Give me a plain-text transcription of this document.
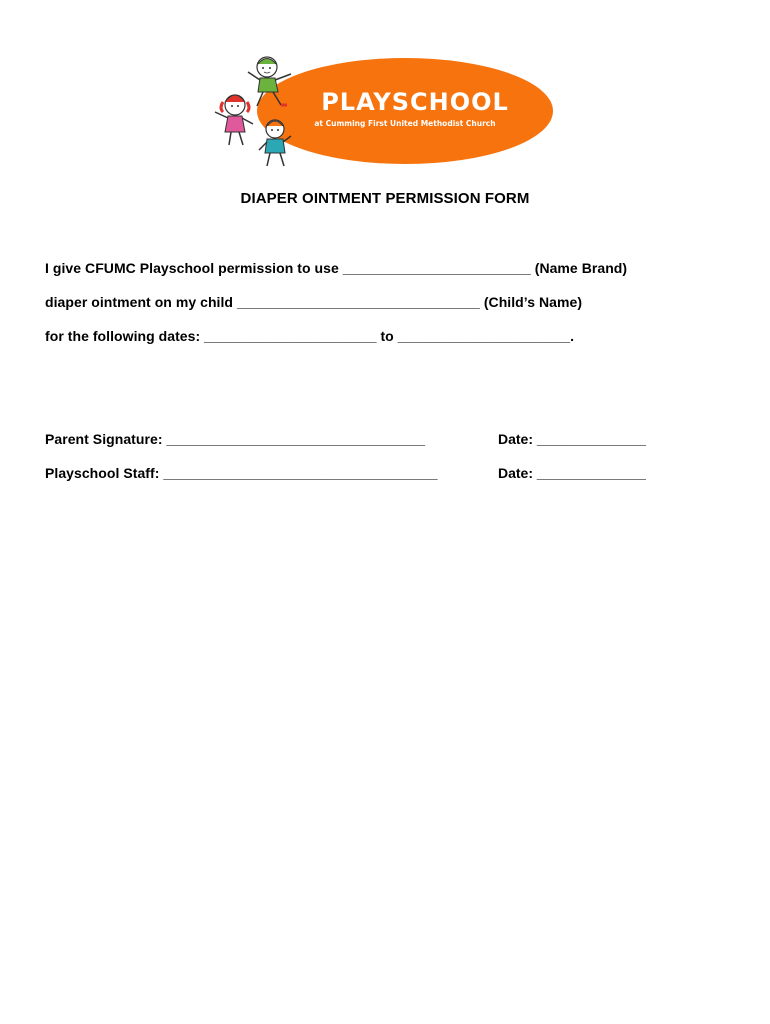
PLAYSCHOOL
at Cumming First United Methodist Church
DIAPER OINTMENT PERMISSION FORM
I give CFUMC Playschool permission to use ________________________ (Name Brand)
diaper ointment on my child _______________________________ (Child’s Name)
for the following dates: ______________________ to ______________________.
Parent Signature: _________________________________	Date: ______________
Playschool Staff: ___________________________________	Date: ______________
